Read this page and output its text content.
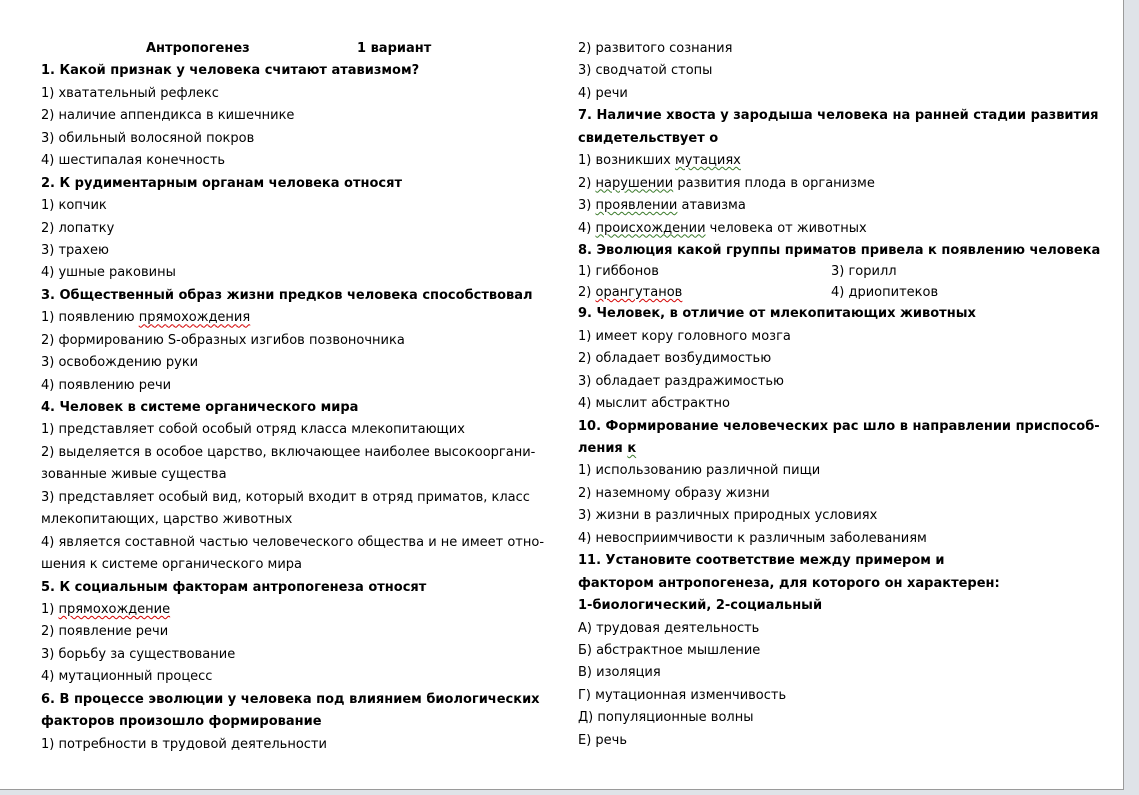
Антропогенез	1 вариант
1. Какой признак у человека считают атавизмом?
1) хватательный рефлекс
2) наличие аппендикса в кишечнике
3) обильный волосяной покров
4) шестипалая конечность
2. К рудиментарным органам человека относят
1) копчик
2) лопатку
3) трахею
4) ушные раковины
3. Общественный образ жизни предков человека способствовал
1) появлению прямохождения
2) формированию S-образных изгибов позвоночника
3) освобождению руки
4) появлению речи
4. Человек в системе органического мира
1) представляет собой особый отряд класса млекопитающих
2) выделяется в особое царство, включающее наиболее высокооргани-
зованные живые существа
3) представляет особый вид, который входит в отряд приматов, класс
млекопитающих, царство животных
4) является составной частью человеческого общества и не имеет отно-
шения к системе органического мира
5. К социальным факторам антропогенеза относят
1) прямохождение
2) появление речи
3) борьбу за существование
4) мутационный процесс
6. В процессе эволюции у человека под влиянием биологических
факторов произошло формирование
1) потребности в трудовой деятельности
2) развитого сознания
3) сводчатой стопы
4) речи
7. Наличие хвоста у зародыша человека на ранней стадии развития
свидетельствует о
1) возникших мутациях
2) нарушении развития плода в организме
3) проявлении атавизма
4) происхождении человека от животных
8. Эволюция какой группы приматов привела к появлению человека
1) гиббонов	3) горилл
2) орангутанов	4) дриопитеков
9. Человек, в отличие от млекопитающих животных
1) имеет кору головного мозга
2) обладает возбудимостью
3) обладает раздражимостью
4) мыслит абстрактно
10. Формирование человеческих рас шло в направлении приспособ-
ления к
1) использованию различной пищи
2) наземному образу жизни
3) жизни в различных природных условиях
4) невосприимчивости к различным заболеваниям
11. Установите соответствие между примером и
фактором антропогенеза, для которого он характерен:
1-биологический, 2-социальный
А) трудовая деятельность
Б) абстрактное мышление
В) изоляция
Г) мутационная изменчивость
Д) популяционные волны
Е) речь
